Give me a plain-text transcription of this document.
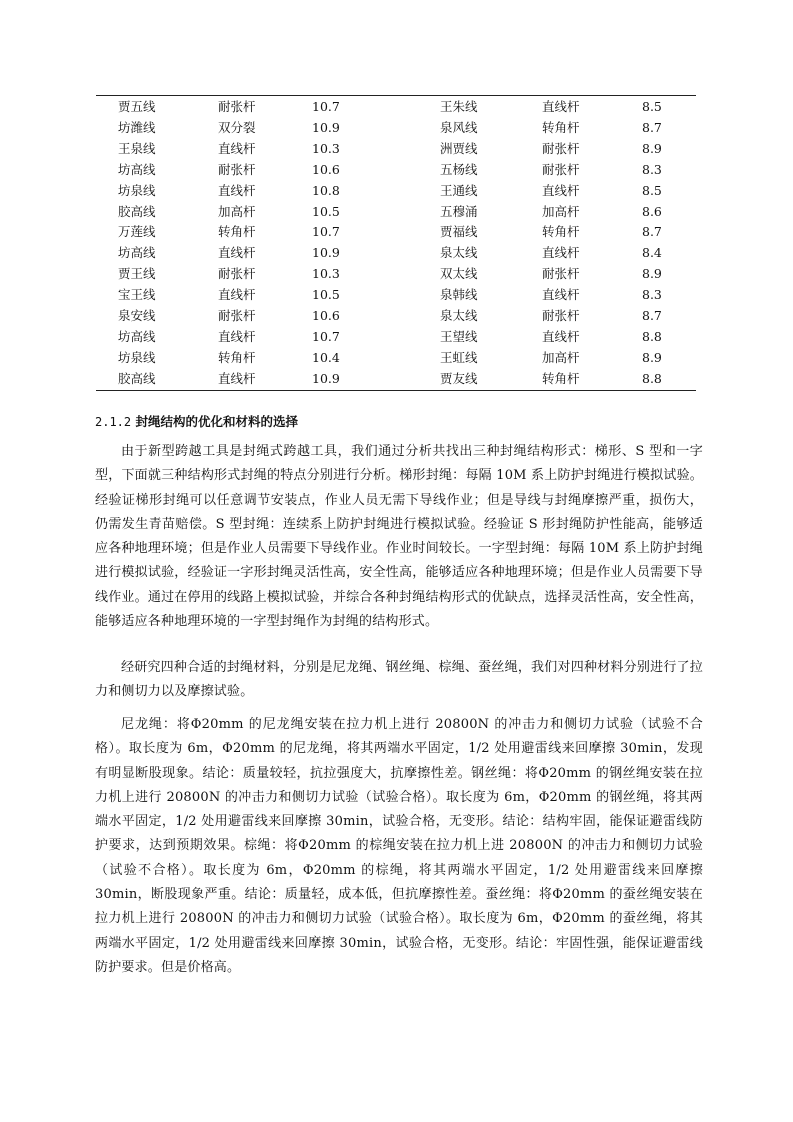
贾五线	耐张杆	10.7	王朱线	直线杆	8.5
坊潍线	双分裂	10.9	泉风线	转角杆	8.7
王泉线	直线杆	10.3	洲贾线	耐张杆	8.9
坊高线	耐张杆	10.6	五杨线	耐张杆	8.3
坊泉线	直线杆	10.8	王通线	直线杆	8.5
胶高线	加高杆	10.5	五穆涌	加高杆	8.6
万莲线	转角杆	10.7	贾福线	转角杆	8.7
坊高线	直线杆	10.9	泉太线	直线杆	8.4
贾王线	耐张杆	10.3	双太线	耐张杆	8.9
宝王线	直线杆	10.5	泉韩线	直线杆	8.3
泉安线	耐张杆	10.6	泉太线	耐张杆	8.7
坊高线	直线杆	10.7	王望线	直线杆	8.8
坊泉线	转角杆	10.4	王虹线	加高杆	8.9
胶高线	直线杆	10.9	贾友线	转角杆	8.8
2.1.2 封绳结构的优化和材料的选择

由于新型跨越工具是封绳式跨越工具，我们通过分析共找出三种封绳结构形式：梯形、S 型和一字型，下面就三种结构形式封绳的特点分别进行分析。梯形封绳：每隔 10M 系上防护封绳进行模拟试验。经验证梯形封绳可以任意调节安装点，作业人员无需下导线作业；但是导线与封绳摩擦严重，损伤大， 仍需发生青苗赔偿。S 型封绳：连续系上防护封绳进行模拟试验。经验证 S 形封绳防护性能高，能够适应各种地理环境；但是作业人员需要下导线作业。作业时间较长。一字型封绳：每隔 10M 系上防护封绳进行模拟试验，经验证一字形封绳灵活性高，安全性高，能够适应各种地理环境；但是作业人员需要下导线作业。通过在停用的线路上模拟试验，并综合各种封绳结构形式的优缺点，选择灵活性高，安全性高，能够适应各种地理环境的一字型封绳作为封绳的结构形式。

经研究四种合适的封绳材料，分别是尼龙绳、钢丝绳、棕绳、蚕丝绳，我们对四种材料分别进行了拉力和侧切力以及摩擦试验。

尼龙绳：将Φ20mm 的尼龙绳安装在拉力机上进行 20800N 的冲击力和侧切力试验（试验不合格）。取长度为 6m，Φ20mm 的尼龙绳，将其两端水平固定，1/2 处用避雷线来回摩擦 30min，发现有明显断股现象。结论：质量较轻，抗拉强度大，抗摩擦性差。钢丝绳：将Φ20mm 的钢丝绳安装在拉力机上进行 20800N 的冲击力和侧切力试验（试验合格）。取长度为 6m，Φ20mm 的钢丝绳，将其两端水平固定，1/2 处用避雷线来回摩擦 30min，试验合格，无变形。结论：结构牢固，能保证避雷线防护要求，达到预期效果。棕绳：将Φ20mm 的棕绳安装在拉力机上进 20800N 的冲击力和侧切力试验（试验不合格）。取长度为 6m，Φ20mm 的棕绳，将其两端水平固定，1/2 处用避雷线来回摩擦 30min，断股现象严重。结论：质量轻，成本低，但抗摩擦性差。蚕丝绳：将Φ20mm 的蚕丝绳安装在拉力机上进行 20800N 的冲击力和侧切力试验（试验合格）。取长度为 6m，Φ20mm 的蚕丝绳，将其两端水平固定，1/2 处用避雷线来回摩擦 30min，试验合格，无变形。结论：牢固性强，能保证避雷线防护要求。但是价格高。
